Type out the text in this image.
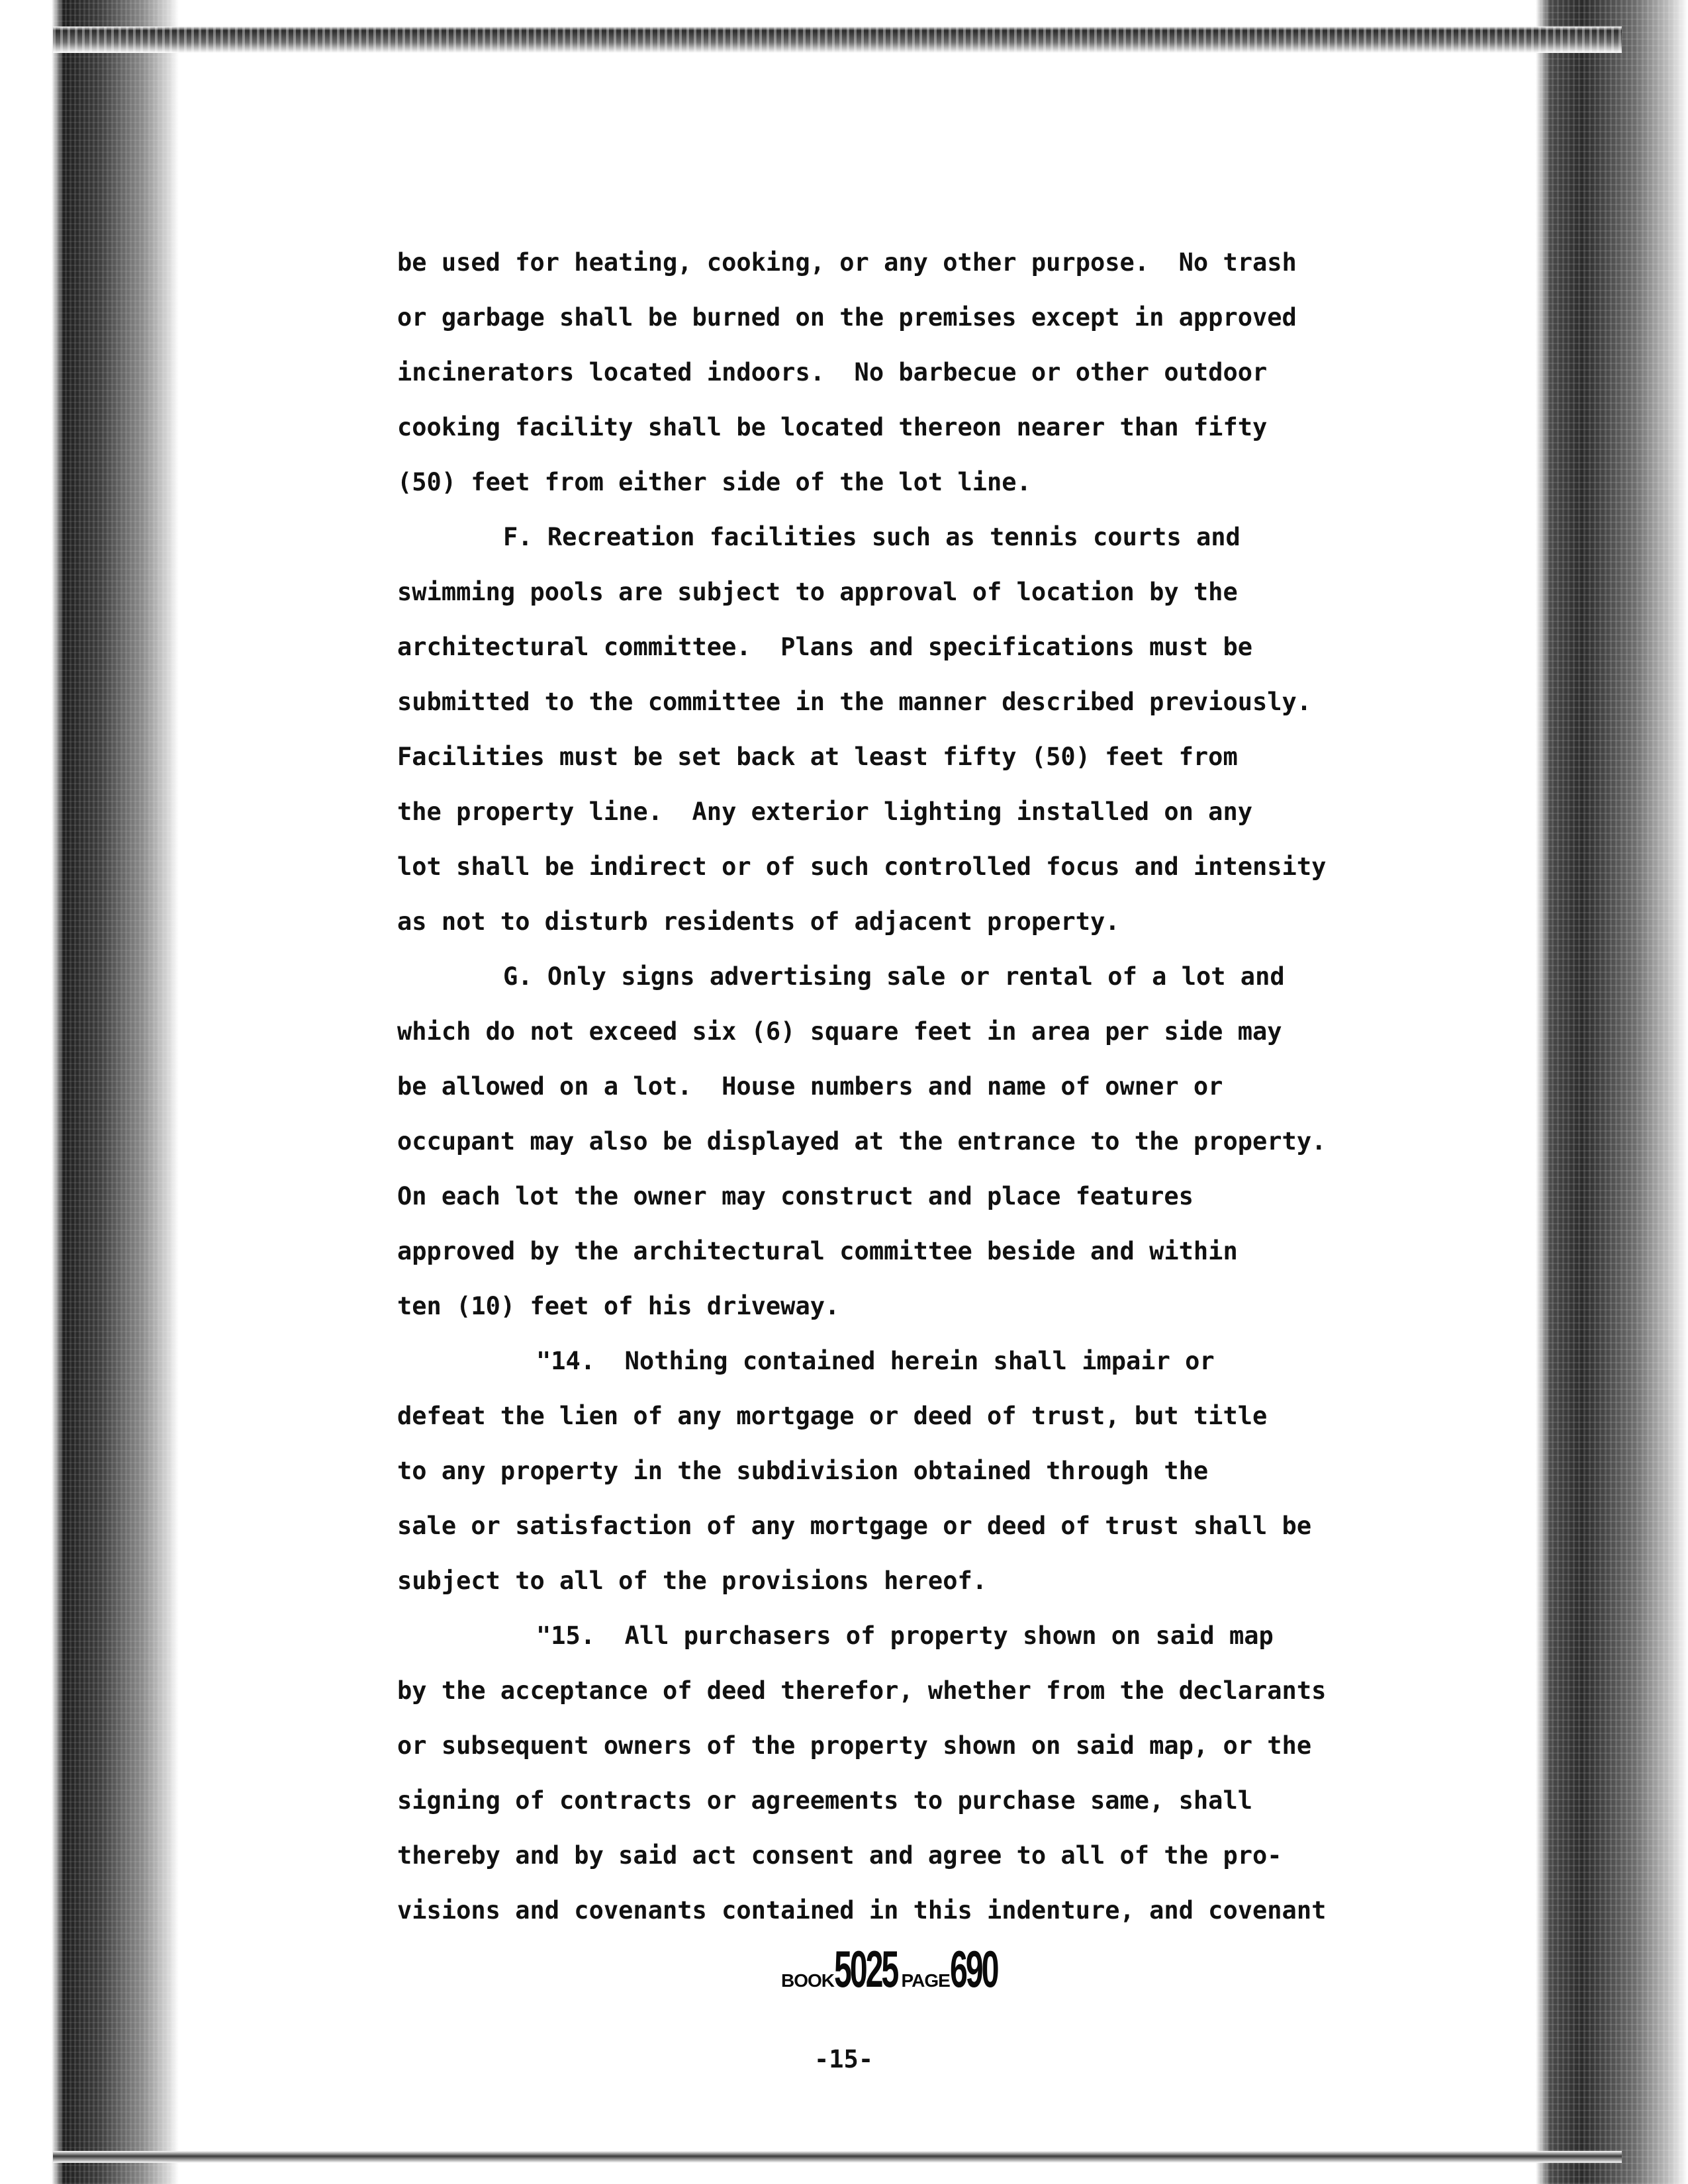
be used for heating, cooking, or any other purpose.  No trash
or garbage shall be burned on the premises except in approved
incinerators located indoors.  No barbecue or other outdoor
cooking facility shall be located thereon nearer than fifty
(50) feet from either side of the lot line.
F. Recreation facilities such as tennis courts and
swimming pools are subject to approval of location by the
architectural committee.  Plans and specifications must be
submitted to the committee in the manner described previously.
Facilities must be set back at least fifty (50) feet from
the property line.  Any exterior lighting installed on any
lot shall be indirect or of such controlled focus and intensity
as not to disturb residents of adjacent property.
G. Only signs advertising sale or rental of a lot and
which do not exceed six (6) square feet in area per side may
be allowed on a lot.  House numbers and name of owner or
occupant may also be displayed at the entrance to the property.
On each lot the owner may construct and place features
approved by the architectural committee beside and within
ten (10) feet of his driveway.
"14.  Nothing contained herein shall impair or
defeat the lien of any mortgage or deed of trust, but title
to any property in the subdivision obtained through the
sale or satisfaction of any mortgage or deed of trust shall be
subject to all of the provisions hereof.
"15.  All purchasers of property shown on said map
by the acceptance of deed therefor, whether from the declarants
or subsequent owners of the property shown on said map, or the
signing of contracts or agreements to purchase same, shall
thereby and by said act consent and agree to all of the pro-
visions and covenants contained in this indenture, and covenant
BOOK5025 PAGE690
-15-
